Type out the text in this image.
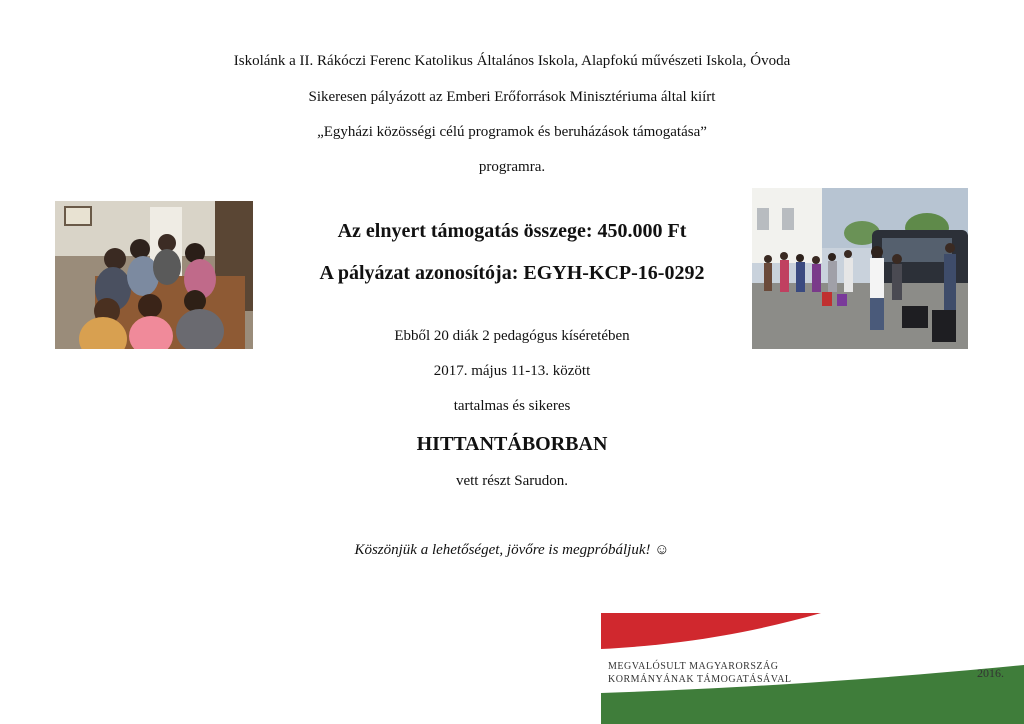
Iskolánk a II. Rákóczi Ferenc Katolikus Általános Iskola, Alapfokú művészeti Iskola, Óvoda
Sikeresen pályázott az Emberi Erőforrások Minisztériuma által kiírt
„Egyházi közösségi célú programok és beruházások támogatása”
programra.
Az elnyert támogatás összege: 450.000 Ft
A pályázat azonosítója: EGYH-KCP-16-0292
Ebből 20 diák 2 pedagógus kíséretében
2017. május 11-13. között
tartalmas és sikeres
HITTANTÁBORBAN
vett részt Sarudon.
Köszönjük a lehetőséget, jövőre is megpróbáljuk! ☺
MEGVALÓSULT MAGYARORSZÁG
KORMÁNYÁNAK TÁMOGATÁSÁVAL	2016.
